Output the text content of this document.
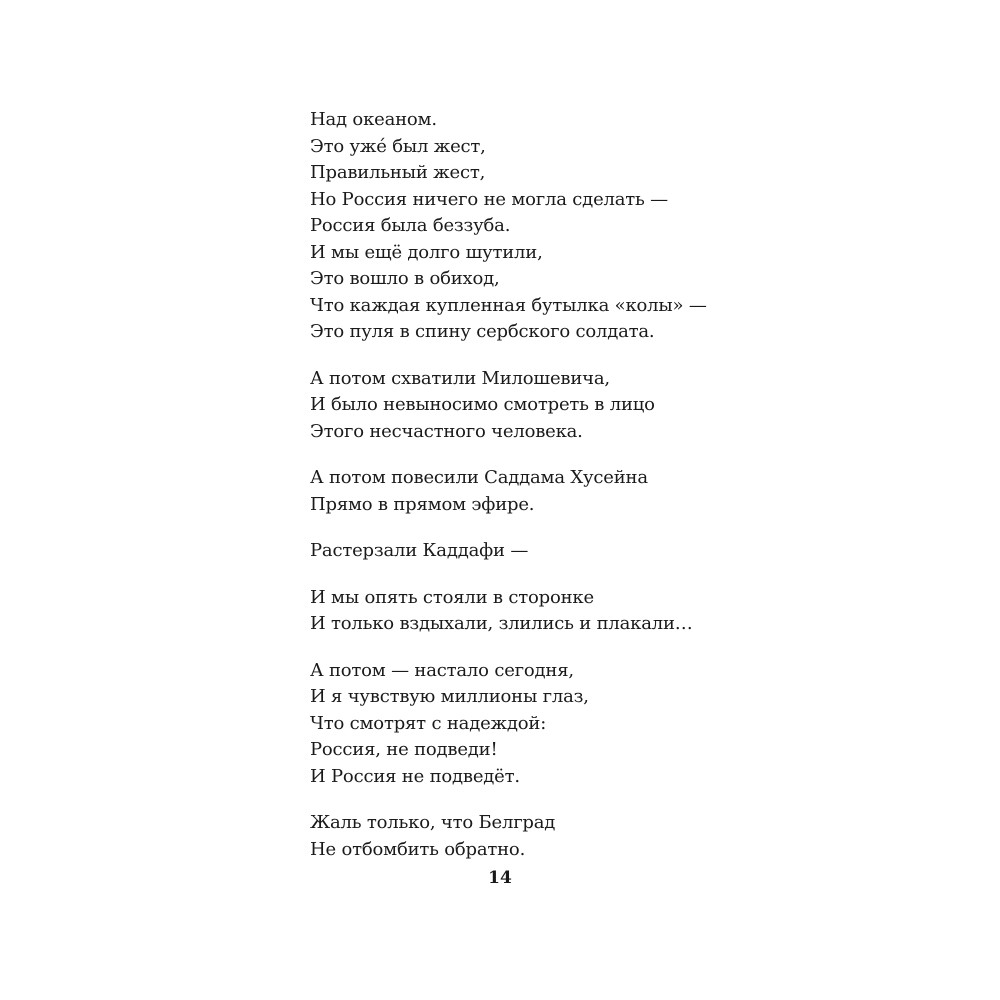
Над океаном.
Это уже́ был жест,
Правильный жест,
Но Россия ничего не могла сделать —
Россия была беззуба.
И мы ещё долго шутили,
Это вошло в обиход,
Что каждая купленная бутылка «колы» —
Это пуля в спину сербского солдата.
А потом схватили Милошевича,
И было невыносимо смотреть в лицо
Этого несчастного человека.
А потом повесили Саддама Хусейна
Прямо в прямом эфире.
Растерзали Каддафи —
И мы опять стояли в сторонке
И только вздыхали, злились и плакали…
А потом — настало сегодня,
И я чувствую миллионы глаз,
Что смотрят с надеждой:
Россия, не подведи!
И Россия не подведёт.
Жаль только, что Белград
Не отбомбить обратно.
14
